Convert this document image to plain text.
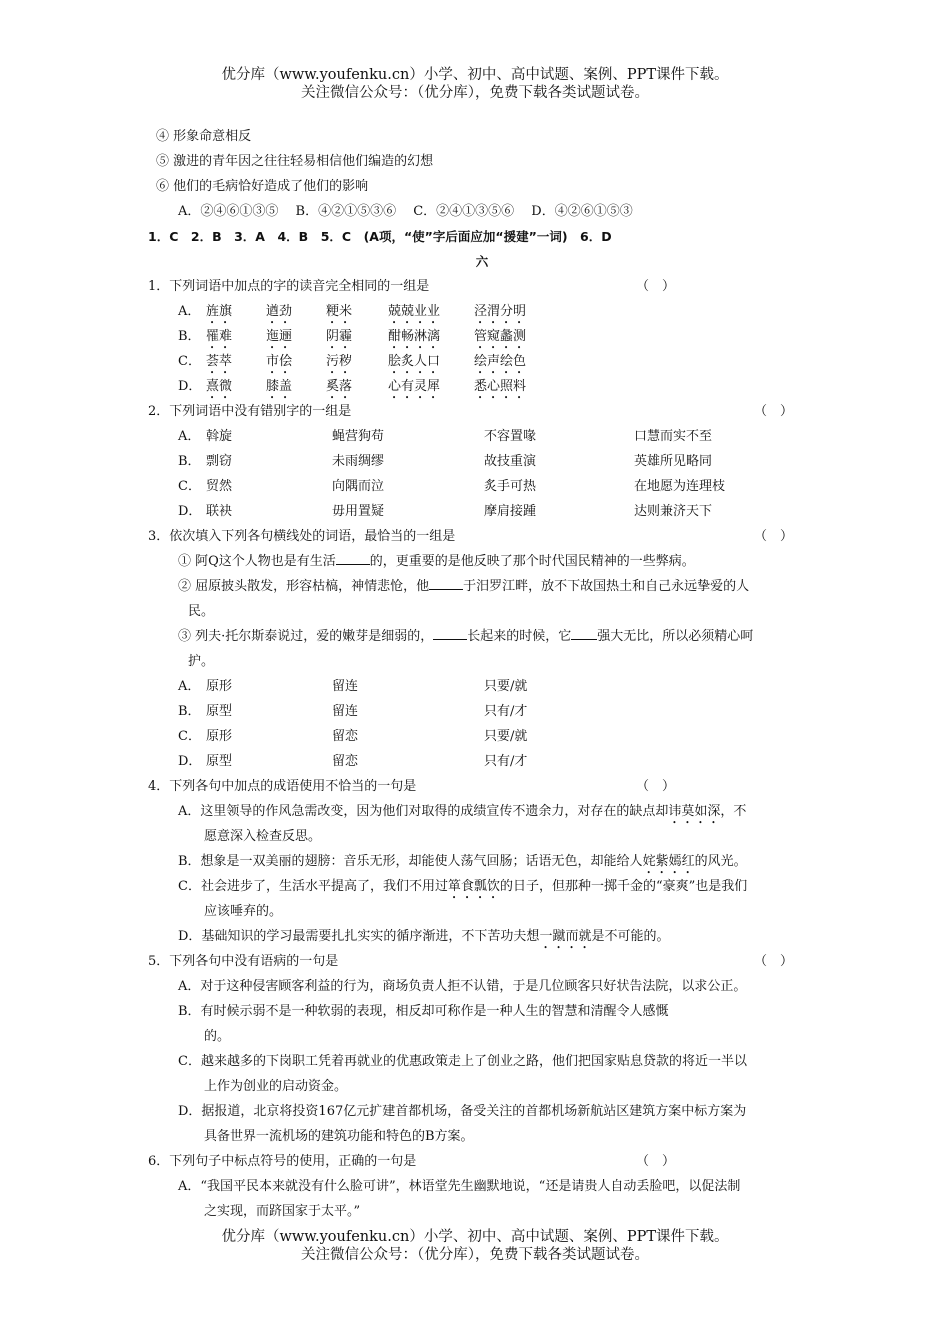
优分库（www.youfenku.cn）小学、初中、高中试题、案例、PPT课件下载。
关注微信公众号：（优分库），免费下载各类试题试卷。
④ 形象命意相反
⑤ 激进的青年因之往往轻易相信他们编造的幻想
⑥ 他们的毛病恰好造成了他们的影响
A．②④⑥①③⑤　 B．④②①⑤③⑥　 C．②④①③⑤⑥　 D．④②⑥①⑤③
1．C　2．B　3．A　4．B　5．C　(A项，“使”字后面应加“援建”一词)　6．D
六
1．下列词语中加点的字的读音完全相同的一组是	（　）
A． 旌旗	遒劲	粳米	兢兢业业	泾渭分明
B． 罹难	迤逦	阴霾	酣畅淋漓	管窥蠡测
C． 荟萃	市侩	污秽	脍炙人口	绘声绘色
D． 熹微	膝盖	奚落	心有灵犀	悉心照料
2．下列词语中没有错别字的一组是	（　）
A． 斡旋	蝇营狗苟	不容置喙	口慧而实不至
B． 剽窃	未雨绸缪	故技重演	英雄所见略同
C． 贸然	向隅而泣	炙手可热	在地愿为连理枝
D． 联袂	毋用置疑	摩肩接踵	达则兼济天下
3．依次填入下列各句横线处的词语，最恰当的一组是	（　）
① 阿Q这个人物也是有生活	的，更重要的是他反映了那个时代国民精神的一些弊病。
② 屈原披头散发，形容枯槁，神情悲怆，他	于汨罗江畔，放不下故国热土和自己永远挚爱的人
民。
③ 列夫·托尔斯泰说过，爱的嫩芽是细弱的，	长起来的时候，它 强大无比，所以必须精心呵
护。
A． 原形	留连	只要/就
B． 原型	留连	只有/才
C． 原形	留恋	只要/就
D． 原型	留恋	只有/才
4．下列各句中加点的成语使用不恰当的一句是	（　）
A．这里领导的作风急需改变，因为他们对取得的成绩宣传不遗余力，对存在的缺点却讳莫如深，不
愿意深入检查反思。
B．想象是一双美丽的翅膀：音乐无形，却能使人荡气回肠；话语无色，却能给人姹紫嫣红的风光。
C．社会进步了，生活水平提高了，我们不用过箪食瓢饮的日子，但那种一掷千金的“豪爽”也是我们
应该唾弃的。
D．基础知识的学习最需要扎扎实实的循序渐进，不下苦功夫想一蹴而就是不可能的。
5．下列各句中没有语病的一句是	（　）
A．对于这种侵害顾客利益的行为，商场负责人拒不认错，于是几位顾客只好状告法院，以求公正。
B．有时候示弱不是一种软弱的表现，相反却可称作是一种人生的智慧和清醒令人感慨
的。
C．越来越多的下岗职工凭着再就业的优惠政策走上了创业之路，他们把国家贴息贷款的将近一半以
上作为创业的启动资金。
D．据报道，北京将投资167亿元扩建首都机场，备受关注的首都机场新航站区建筑方案中标方案为
具备世界一流机场的建筑功能和特色的B方案。
6．下列句子中标点符号的使用，正确的一句是	（　）
A．“我国平民本来就没有什么脸可讲”，林语堂先生幽默地说，“还是请贵人自动丢脸吧，以促法制
之实现，而跻国家于太平。”
优分库（www.youfenku.cn）小学、初中、高中试题、案例、PPT课件下载。
关注微信公众号：（优分库），免费下载各类试题试卷。
